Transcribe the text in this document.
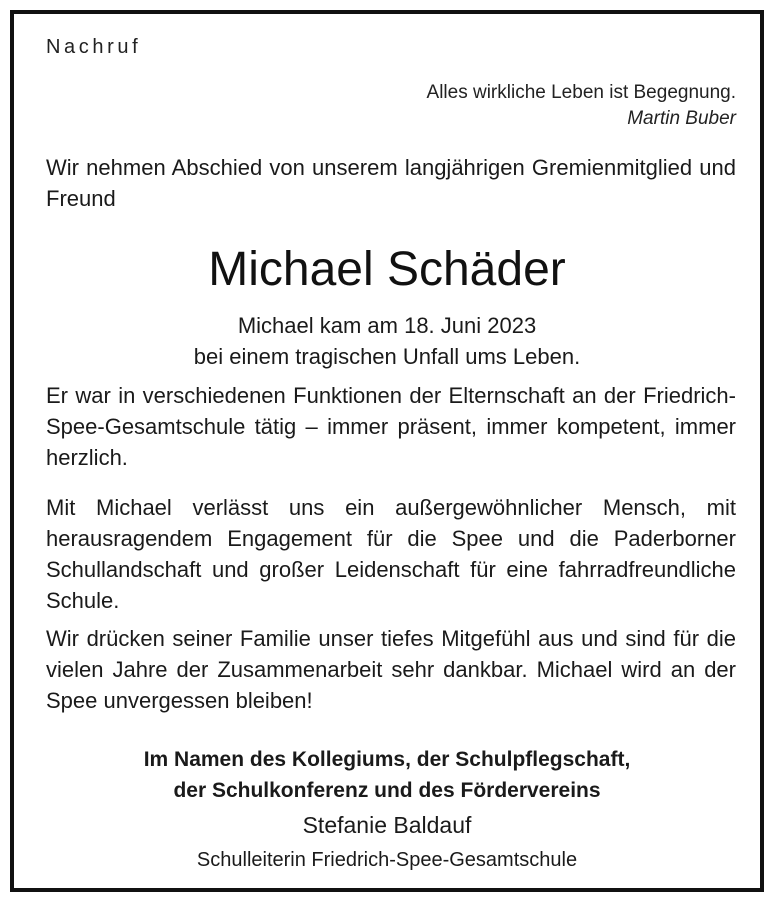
Nachruf
Alles wirkliche Leben ist Begegnung.
Martin Buber
Wir nehmen Abschied von unserem langjährigen Gremienmitglied und Freund
Michael Schäder
Michael kam am 18. Juni 2023
bei einem tragischen Unfall ums Leben.
Er war in verschiedenen Funktionen der Elternschaft an der Friedrich-Spee-Gesamtschule tätig – immer präsent, immer kompetent, immer herzlich.
Mit Michael verlässt uns ein außergewöhnlicher Mensch, mit herausragendem Engagement für die Spee und die Paderborner Schullandschaft und großer Leidenschaft für eine fahrradfreundliche Schule.
Wir drücken seiner Familie unser tiefes Mitgefühl aus und sind für die vielen Jahre der Zusammenarbeit sehr dankbar. Michael wird an der Spee unvergessen bleiben!
Im Namen des Kollegiums, der Schulpflegschaft,
der Schulkonferenz und des Fördervereins
Stefanie Baldauf
Schulleiterin Friedrich-Spee-Gesamtschule
